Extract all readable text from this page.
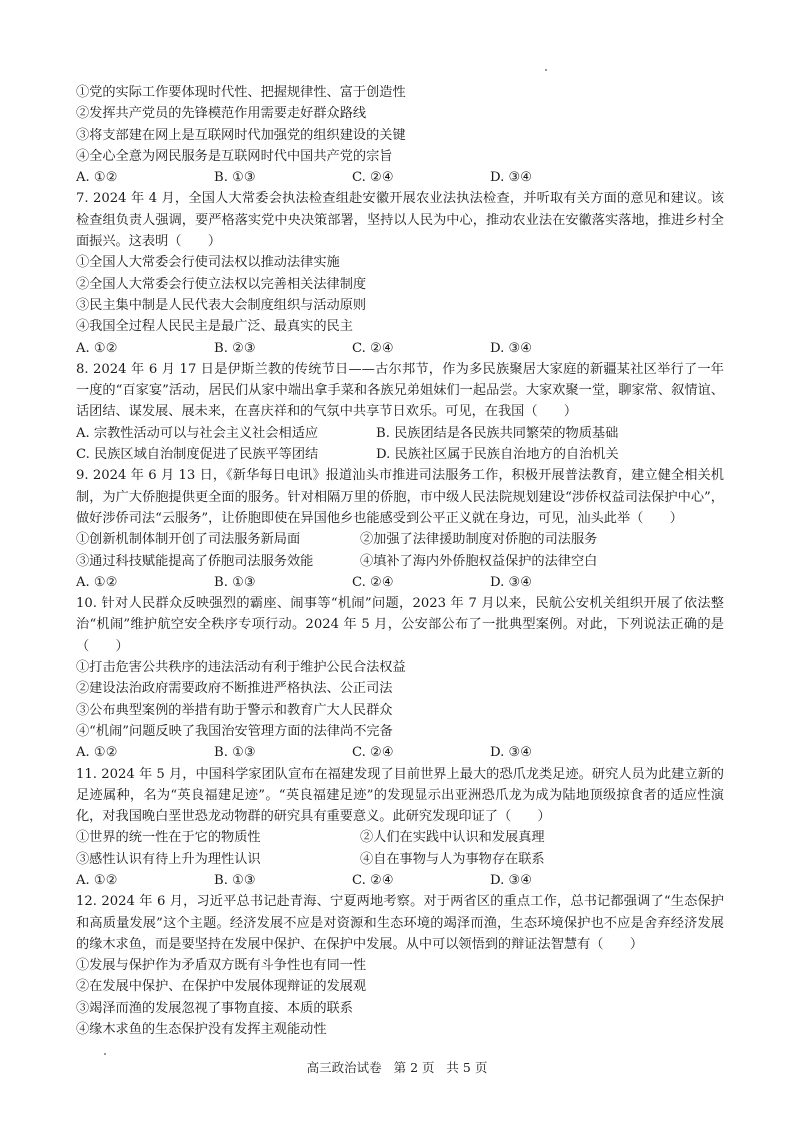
①党的实际工作要体现时代性、把握规律性、富于创造性
②发挥共产党员的先锋模范作用需要走好群众路线
③将支部建在网上是互联网时代加强党的组织建设的关键
④全心全意为网民服务是互联网时代中国共产党的宗旨
A. ①②	B. ①③	C. ②④	D. ③④
7. 2024 年 4 月，全国人大常委会执法检查组赴安徽开展农业法执法检查，并听取有关方面的意见和建议。该检查组负责人强调，要严格落实党中央决策部署，坚持以人民为中心，推动农业法在安徽落实落地，推进乡村全面振兴。这表明（　　）
①全国人大常委会行使司法权以推动法律实施
②全国人大常委会行使立法权以完善相关法律制度
③民主集中制是人民代表大会制度组织与活动原则
④我国全过程人民民主是最广泛、最真实的民主
A. ①②	B. ②③	C. ②④	D. ③④
8. 2024 年 6 月 17 日是伊斯兰教的传统节日——古尔邦节，作为多民族聚居大家庭的新疆某社区举行了一年一度的“百家宴”活动，居民们从家中端出拿手菜和各族兄弟姐妹们一起品尝。大家欢聚一堂，聊家常、叙情谊、话团结、谋发展、展未来，在喜庆祥和的气氛中共享节日欢乐。可见，在我国（　　）
A. 宗教性活动可以与社会主义社会相适应	B. 民族团结是各民族共同繁荣的物质基础
C. 民族区域自治制度促进了民族平等团结	D. 民族社区属于民族自治地方的自治机关
9. 2024 年 6 月 13 日，《新华每日电讯》报道汕头市推进司法服务工作，积极开展普法教育，建立健全相关机制，为广大侨胞提供更全面的服务。针对相隔万里的侨胞，市中级人民法院规划建设“涉侨权益司法保护中心”，做好涉侨司法“云服务”，让侨胞即使在异国他乡也能感受到公平正义就在身边，可见，汕头此举（　　）
①创新机制体制开创了司法服务新局面	②加强了法律援助制度对侨胞的司法服务
③通过科技赋能提高了侨胞司法服务效能	④填补了海内外侨胞权益保护的法律空白
A. ①②	B. ①③	C. ②④	D. ③④
10. 针对人民群众反映强烈的霸座、闹事等“机闹”问题，2023 年 7 月以来，民航公安机关组织开展了依法整治“机闹”维护航空安全秩序专项行动。2024 年 5 月，公安部公布了一批典型案例。对此，下列说法正确的是（　　）
①打击危害公共秩序的违法活动有利于维护公民合法权益
②建设法治政府需要政府不断推进严格执法、公正司法
③公布典型案例的举措有助于警示和教育广大人民群众
④“机闹”问题反映了我国治安管理方面的法律尚不完备
A. ①②	B. ①③	C. ②④	D. ③④
11. 2024 年 5 月，中国科学家团队宣布在福建发现了目前世界上最大的恐爪龙类足迹。研究人员为此建立新的足迹属种，名为“英良福建足迹”。“英良福建足迹”的发现显示出亚洲恐爪龙为成为陆地顶级掠食者的适应性演化，对我国晚白垩世恐龙动物群的研究具有重要意义。此研究发现印证了（　　）
①世界的统一性在于它的物质性	②人们在实践中认识和发展真理
③感性认识有待上升为理性认识	④自在事物与人为事物存在联系
A. ①②	B. ①③	C. ②④	D. ③④
12. 2024 年 6 月，习近平总书记赴青海、宁夏两地考察。对于两省区的重点工作，总书记都强调了“生态保护和高质量发展”这个主题。经济发展不应是对资源和生态环境的竭泽而渔，生态环境保护也不应是舍弃经济发展的缘木求鱼，而是要坚持在发展中保护、在保护中发展。从中可以领悟到的辩证法智慧有（　　）
①发展与保护作为矛盾双方既有斗争性也有同一性
②在发展中保护、在保护中发展体现辩证的发展观
③竭泽而渔的发展忽视了事物直接、本质的联系
④缘木求鱼的生态保护没有发挥主观能动性
高三政治试卷 第 2 页 共 5 页
